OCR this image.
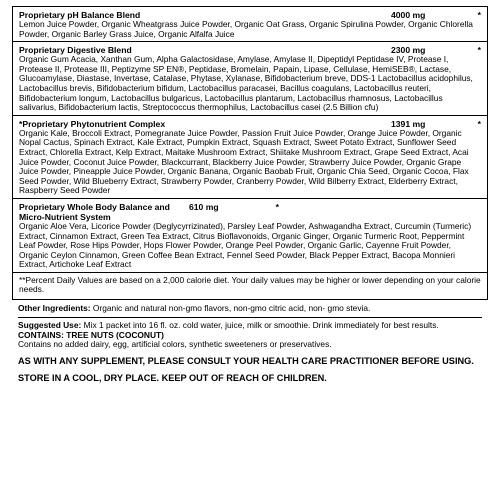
Proprietary pH Balance Blend	4000 mg	*
Lemon Juice Powder, Organic Wheatgrass Juice Powder, Organic Oat Grass, Organic Spirulina Powder, Organic Chlorella Powder, Organic Barley Grass Juice, Organic Alfalfa Juice
Proprietary Digestive Blend	2300 mg	*
Organic Gum Acacia, Xanthan Gum, Alpha Galactosidase, Amylase, Amylase II, Dipeptidyl Peptidase IV, Protease I, Protease II, Protease III, Peptizyme SP EN®, Peptidase, Bromelain, Papain, Lipase, Cellulase, HemiSEB®, Lactase, Glucoamylase, Diastase, Invertase, Catalase, Phytase, Xylanase, Bifidobacterium breve, DDS-1 Lactobacillus acidophilus, Lactobacillus brevis, Bifidobacterium bifidum, Lactobacillus paracasei, Bacillus coagulans, Lactobacillus reuteri, Bifidobacterium longum, Lactobacillus bulgaricus, Lactobacillus plantarum, Lactobacillus rhamnosus, Lactobacillus salivarius, Bifidobacterium lactis, Streptococcus thermophilus, Lactobacillus casei (2.5 Billion cfu)
*Proprietary Phytonutrient Complex	1391 mg	*
Organic Kale, Broccoli Extract, Pomegranate Juice Powder, Passion Fruit Juice Powder, Orange Juice Powder, Organic Nopal Cactus, Spinach Extract, Kale Extract, Pumpkin Extract, Squash Extract, Sweet Potato Extract, Sunflower Seed Extract, Chlorella Extract, Kelp Extract, Maitake Mushroom Extract, Shiitake Mushroom Extract, Grape Seed Extract, Acai Juice Powder, Coconut Juice Powder, Blackcurrant, Blackberry Juice Powder, Strawberry Juice Powder, Organic Grape Juice Powder, Pineapple Juice Powder, Organic Banana, Organic Baobab Fruit, Organic Chia Seed, Organic Cocoa, Flax Seed Powder, Wild Blueberry Extract, Strawberry Powder, Cranberry Powder, Wild Bilberry Extract, Elderberry Extract, Raspberry Seed Powder
Proprietary Whole Body Balance and Micro-Nutrient System
610 mg	*
Organic Aloe Vera, Licorice Powder (Deglycyrrizinated), Parsley Leaf Powder, Ashwagandha Extract, Curcumin (Turmeric) Extract, Cinnamon Extract, Green Tea Extract, Citrus Bioflavonoids, Organic Ginger, Organic Turmeric Root, Peppermint Leaf Powder, Rose Hips Powder, Hops Flower Powder, Orange Peel Powder, Organic Garlic, Cayenne Fruit Powder, Organic Ceylon Cinnamon, Green Coffee Bean Extract, Fennel Seed Powder, Black Pepper Extract, Bacopa Monnieri Extract, Artichoke Leaf Extract
**Percent Daily Values are based on a 2,000 calorie diet. Your daily values may be higher or lower depending on your calorie needs.
Other Ingredients: Organic and natural non-gmo flavors, non-gmo citric acid, non- gmo stevia.
Suggested Use: Mix 1 packet into 16 fl. oz. cold water, juice, milk or smoothie. Drink immediately for best results.
CONTAINS: TREE NUTS (COCONUT)
Contains no added dairy, egg, artificial colors, synthetic sweeteners or preservatives.
AS WITH ANY SUPPLEMENT, PLEASE CONSULT YOUR HEALTH CARE PRACTITIONER BEFORE USING.
STORE IN A COOL, DRY PLACE. KEEP OUT OF REACH OF CHILDREN.
